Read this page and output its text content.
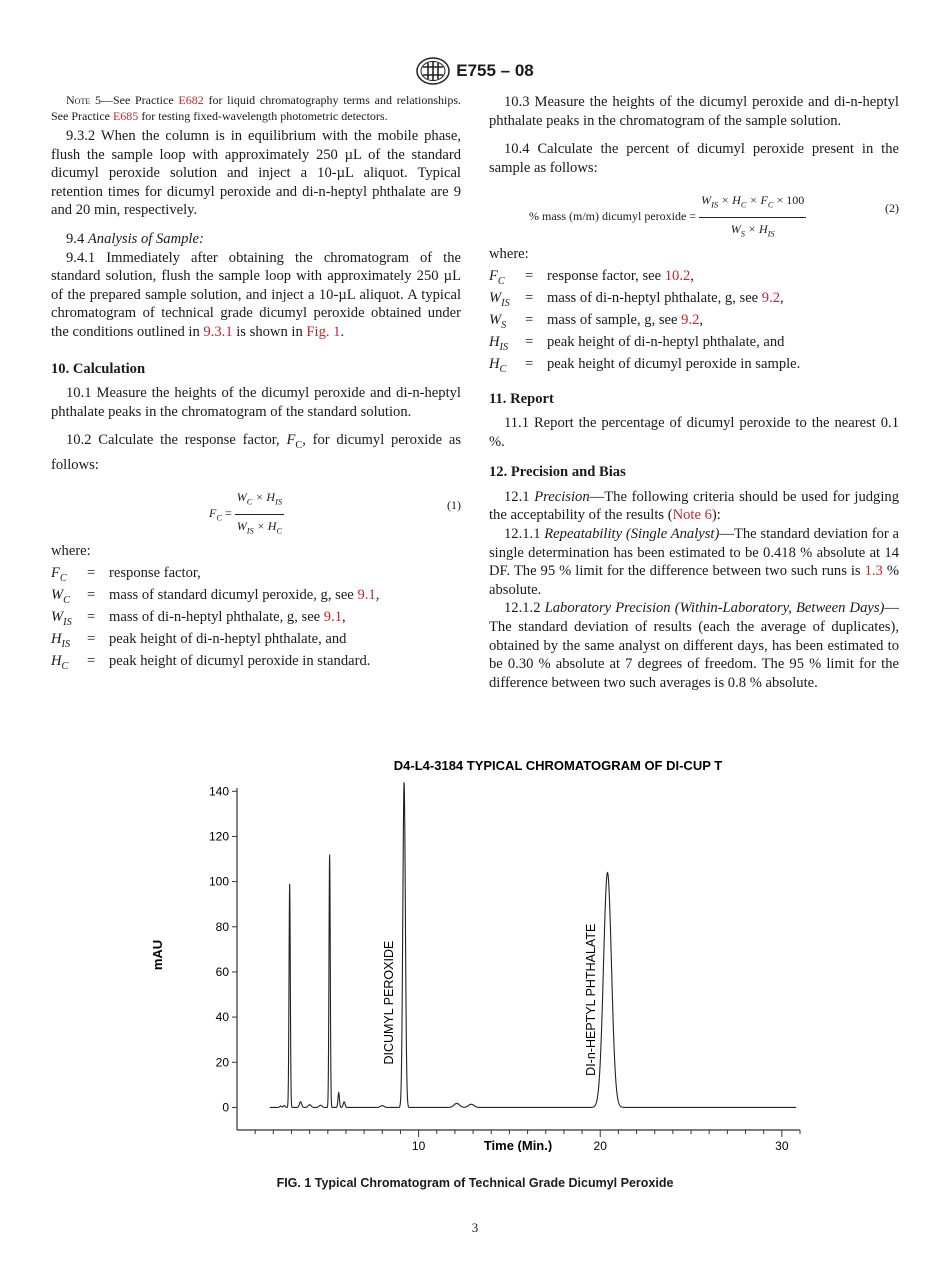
E755 – 08

Note 5—See Practice E682 for liquid chromatography terms and relationships. See Practice E685 for testing fixed-wavelength photometric detectors.

9.3.2 When the column is in equilibrium with the mobile phase, flush the sample loop with approximately 250 µL of the standard dicumyl peroxide solution and inject a 10-µL aliquot. Typical retention times for dicumyl peroxide and di-n-heptyl phthalate are 9 and 20 min, respectively.

9.4 Analysis of Sample:

9.4.1 Immediately after obtaining the chromatogram of the standard solution, flush the sample loop with approximately 250 µL of the prepared sample solution, and inject a 10-µL aliquot. A typical chromatogram of technical grade dicumyl peroxide obtained under the conditions outlined in 9.3.1 is shown in Fig. 1.

10. Calculation

10.1 Measure the heights of the dicumyl peroxide and di-n-heptyl phthalate peaks in the chromatogram of the standard solution.

10.2 Calculate the response factor, $F_C$, for dicumyl peroxide as follows:

$F_C = \frac{W_C \times H_{IS}}{W_{IS} \times H_C}$	(1)

where:

$F_C$	= response factor,
$W_C$	= mass of standard dicumyl peroxide, g, see 9.1,
$W_{IS}$	= mass of di-n-heptyl phthalate, g, see 9.1,
$H_{IS}$	= peak height of di-n-heptyl phthalate, and
$H_C$	= peak height of dicumyl peroxide in standard.

10.3 Measure the heights of the dicumyl peroxide and di-n-heptyl phthalate peaks in the chromatogram of the sample solution.

10.4 Calculate the percent of dicumyl peroxide present in the sample as follows:

% mass (m/m) dicumyl peroxide = $\frac{W_{IS} \times H_C \times F_C \times 100}{W_S \times H_{IS}}$	(2)

where:

$F_C$	= response factor, see 10.2,
$W_{IS}$	= mass of di-n-heptyl phthalate, g, see 9.2,
$W_S$	= mass of sample, g, see 9.2,
$H_{IS}$	= peak height of di-n-heptyl phthalate, and
$H_C$	= peak height of dicumyl peroxide in sample.
11. Report

11.1 Report the percentage of dicumyl peroxide to the nearest 0.1 %.

12. Precision and Bias

12.1 Precision—The following criteria should be used for judging the acceptability of the results (Note 6):

12.1.1 Repeatability (Single Analyst)—The standard deviation for a single determination has been estimated to be 0.418 % absolute at 14 DF. The 95 % limit for the difference between two such runs is 1.3 % absolute.

12.1.2 Laboratory Precision (Within-Laboratory, Between Days)—The standard deviation of results (each the average of duplicates), obtained by the same analyst on different days, has been estimated to be 0.30 % absolute at 7 degrees of freedom. The 95 % limit for the difference between two such averages is 0.8 % absolute.

D4-L4-3184 TYPICAL CHROMATOGRAM OF DI-CUP T
0
20
40
60
80
100
120
140
10	20	30
Time (Min.)
mAU	DICUMYL PEROXIDE	DI-n-HEPTYL PHTHALATE
FIG. 1 Typical Chromatogram of Technical Grade Dicumyl Peroxide
3
